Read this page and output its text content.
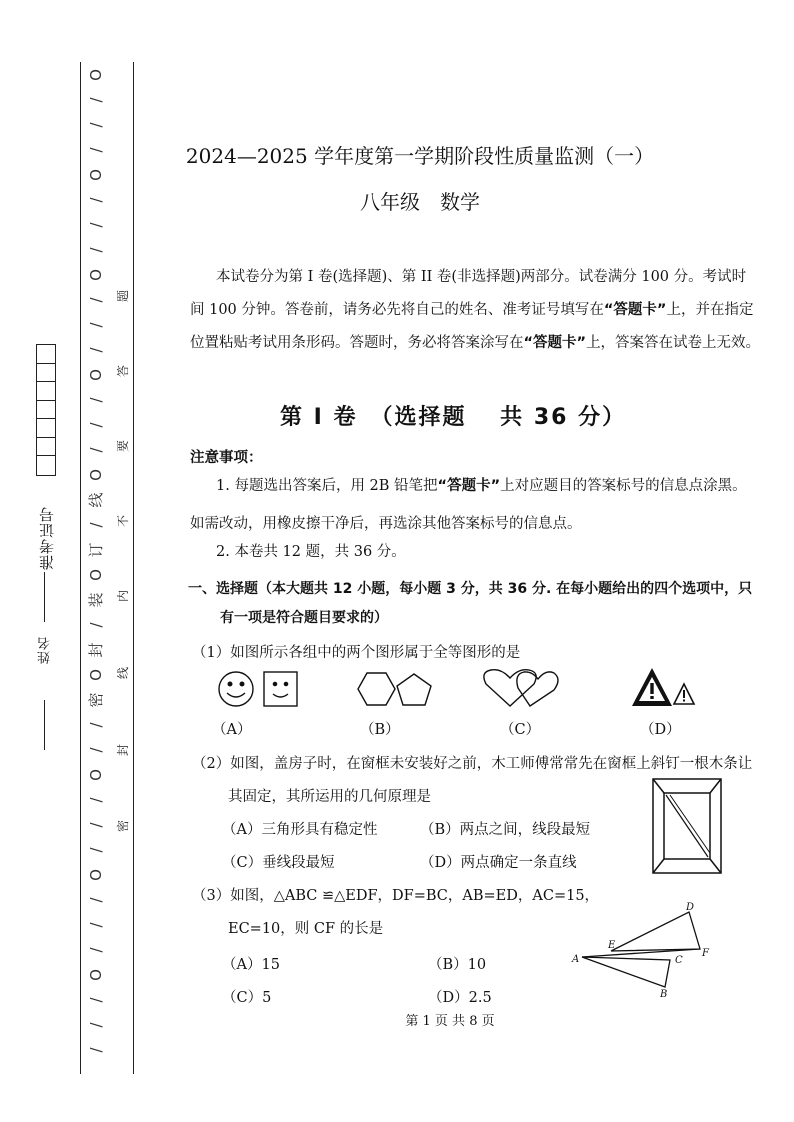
O
/
/
/
O
/
/
/
O
/
/
/
O
/
/
/
O
线
/
订
O
装
/
封
O
密
/
/
O
/
/
/
O
/
/
/
O
/
/
/
题
答
要
不
内
线
封
密
准考证号
姓名
2024—2025 学年度第一学期阶段性质量监测（一）
八年级　数学
本试卷分为第 I 卷(选择题)、第 II 卷(非选择题)两部分。试卷满分 100 分。考试时
间 100 分钟。答卷前，请务必先将自己的姓名、准考证号填写在“答题卡”上，并在指定
位置粘贴考试用条形码。答题时，务必将答案涂写在“答题卡”上，答案答在试卷上无效。
第 I 卷　（选择题　 共 36 分）
注意事项：
1. 每题选出答案后，用 2B 铅笔把“答题卡”上对应题目的答案标号的信息点涂黑。
如需改动，用橡皮擦干净后，再选涂其他答案标号的信息点。
2. 本卷共 12 题，共 36 分。
一、选择题（本大题共 12 小题，每小题 3 分，共 36 分. 在每小题给出的四个选项中，只
有一项是符合题目要求的）
（1）如图所示各组中的两个图形属于全等图形的是
（A）	（B）	（C）	（D）
（2）如图，盖房子时，在窗框未安装好之前，木工师傅常常先在窗框上斜钉一根木条让
其固定，其所运用的几何原理是
（A）三角形具有稳定性	（B）两点之间，线段最短
（C）垂线段最短	（D）两点确定一条直线
（3）如图，△ABC ≌△EDF，DF=BC，AB=ED，AC=15，
EC=10，则 CF 的长是
（A）15	（B）10
（C）5	（D）2.5
A
E
C
F
D
B
第 1 页 共 8 页
